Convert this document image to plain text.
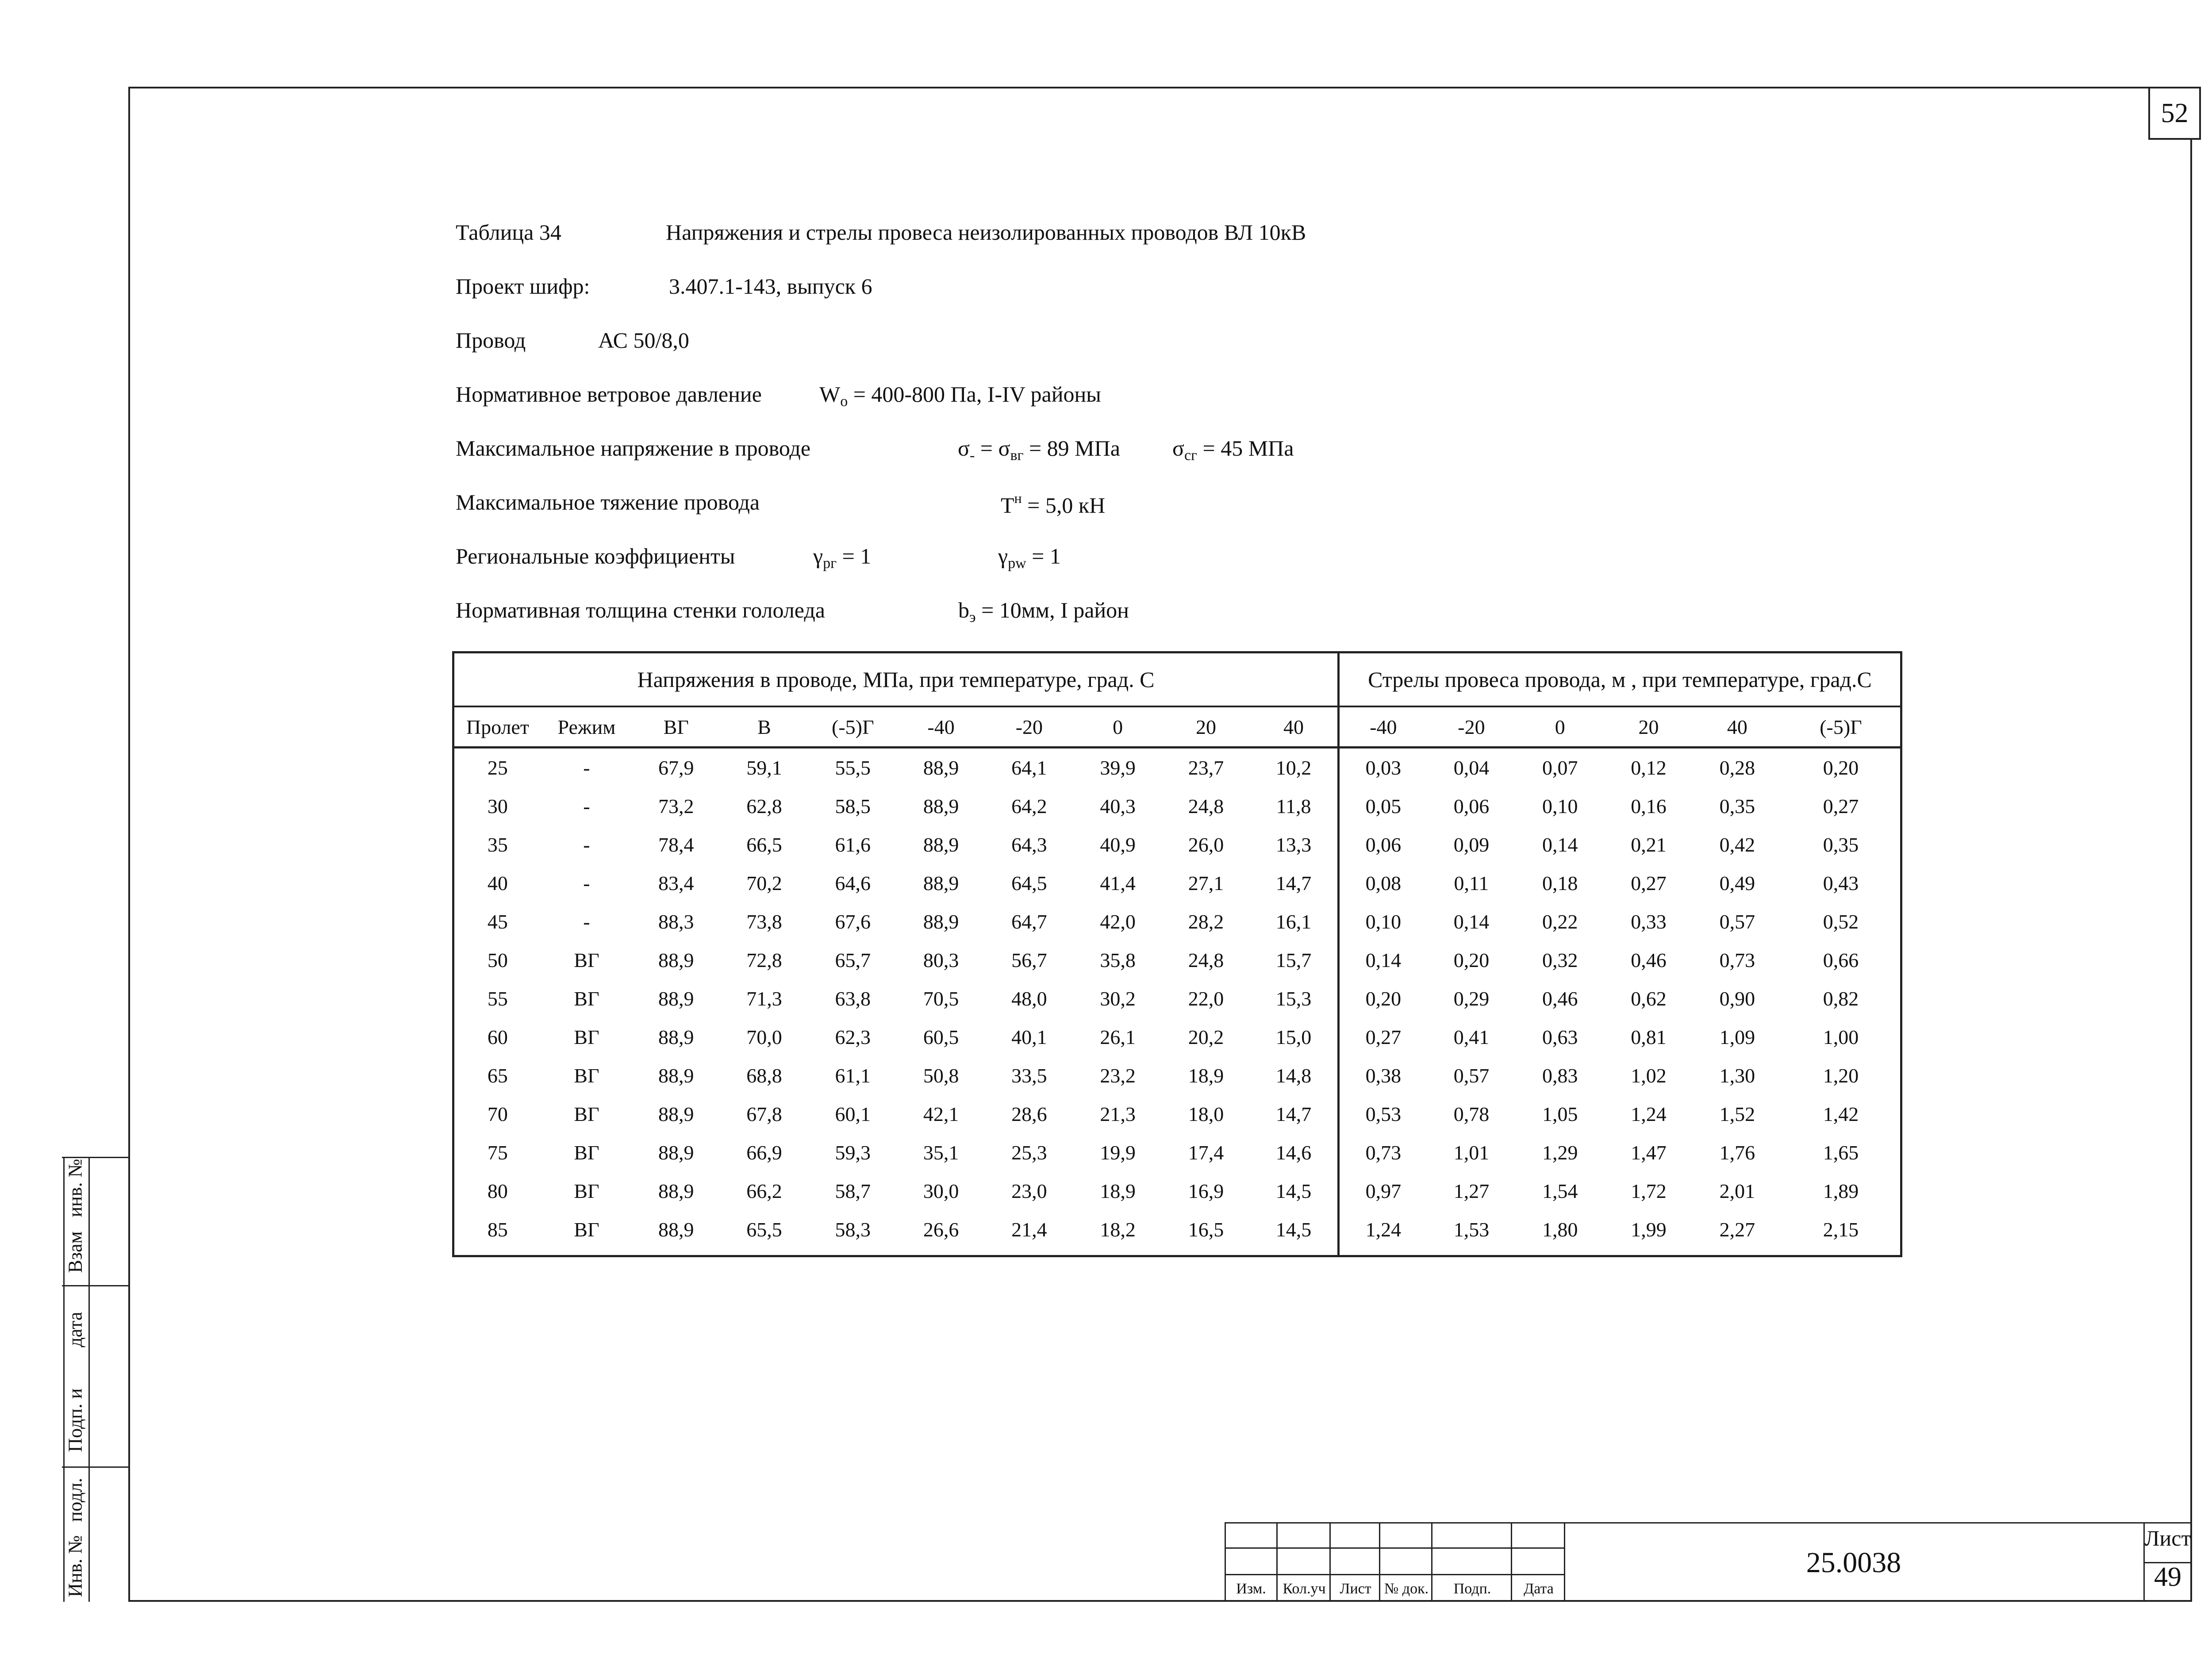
52
Инв. №
подл.
Подп. и
дата
Взам
инв. №
Таблица 34	Напряжения и стрелы провеса неизолированных проводов ВЛ 10кВ
Проект шифр:	3.407.1-143, выпуск 6
Провод	АС 50/8,0
Нормативное ветровое давление	$W_о = 400-800$ Па, I-IV районы
Максимальное напряжение в проводе	$\sigma_- = \sigma_{вг} = 89$ МПа $\sigma_{сг} = 45$ МПа
Максимальное тяжение провода	$T^н = 5,0$ кН
Региональные коэффициенты	$\gamma_{pг} = 1$	$\gamma_{pw} = 1$
Нормативная толщина стенки гололеда	$b_э = 10мм$, I район
Напряжения в проводе, МПа, при температуре, град. С										Стрелы провеса провода, м , при температуре, град.С					
Пролет	Режим	ВГ	В	(-5)Г	-40	-20	0	20	40	-40	-20	0	20	40	(-5)Г
25	-	67,9	59,1	55,5	88,9	64,1	39,9	23,7	10,2	0,03	0,04	0,07	0,12	0,28	0,20
30	-	73,2	62,8	58,5	88,9	64,2	40,3	24,8	11,8	0,05	0,06	0,10	0,16	0,35	0,27
35	-	78,4	66,5	61,6	88,9	64,3	40,9	26,0	13,3	0,06	0,09	0,14	0,21	0,42	0,35
40	-	83,4	70,2	64,6	88,9	64,5	41,4	27,1	14,7	0,08	0,11	0,18	0,27	0,49	0,43
45	-	88,3	73,8	67,6	88,9	64,7	42,0	28,2	16,1	0,10	0,14	0,22	0,33	0,57	0,52
50	ВГ	88,9	72,8	65,7	80,3	56,7	35,8	24,8	15,7	0,14	0,20	0,32	0,46	0,73	0,66
55	ВГ	88,9	71,3	63,8	70,5	48,0	30,2	22,0	15,3	0,20	0,29	0,46	0,62	0,90	0,82
60	ВГ	88,9	70,0	62,3	60,5	40,1	26,1	20,2	15,0	0,27	0,41	0,63	0,81	1,09	1,00
65	ВГ	88,9	68,8	61,1	50,8	33,5	23,2	18,9	14,8	0,38	0,57	0,83	1,02	1,30	1,20
70	ВГ	88,9	67,8	60,1	42,1	28,6	21,3	18,0	14,7	0,53	0,78	1,05	1,24	1,52	1,42
75	ВГ	88,9	66,9	59,3	35,1	25,3	19,9	17,4	14,6	0,73	1,01	1,29	1,47	1,76	1,65
80	ВГ	88,9	66,2	58,7	30,0	23,0	18,9	16,9	14,5	0,97	1,27	1,54	1,72	2,01	1,89
85	ВГ	88,9	65,5	58,3	26,6	21,4	18,2	16,5	14,5	1,24	1,53	1,80	1,99	2,27	2,15
Изм.	Кол.уч Лист № док.	Подп.	Дата
25.0038
Лист
49
